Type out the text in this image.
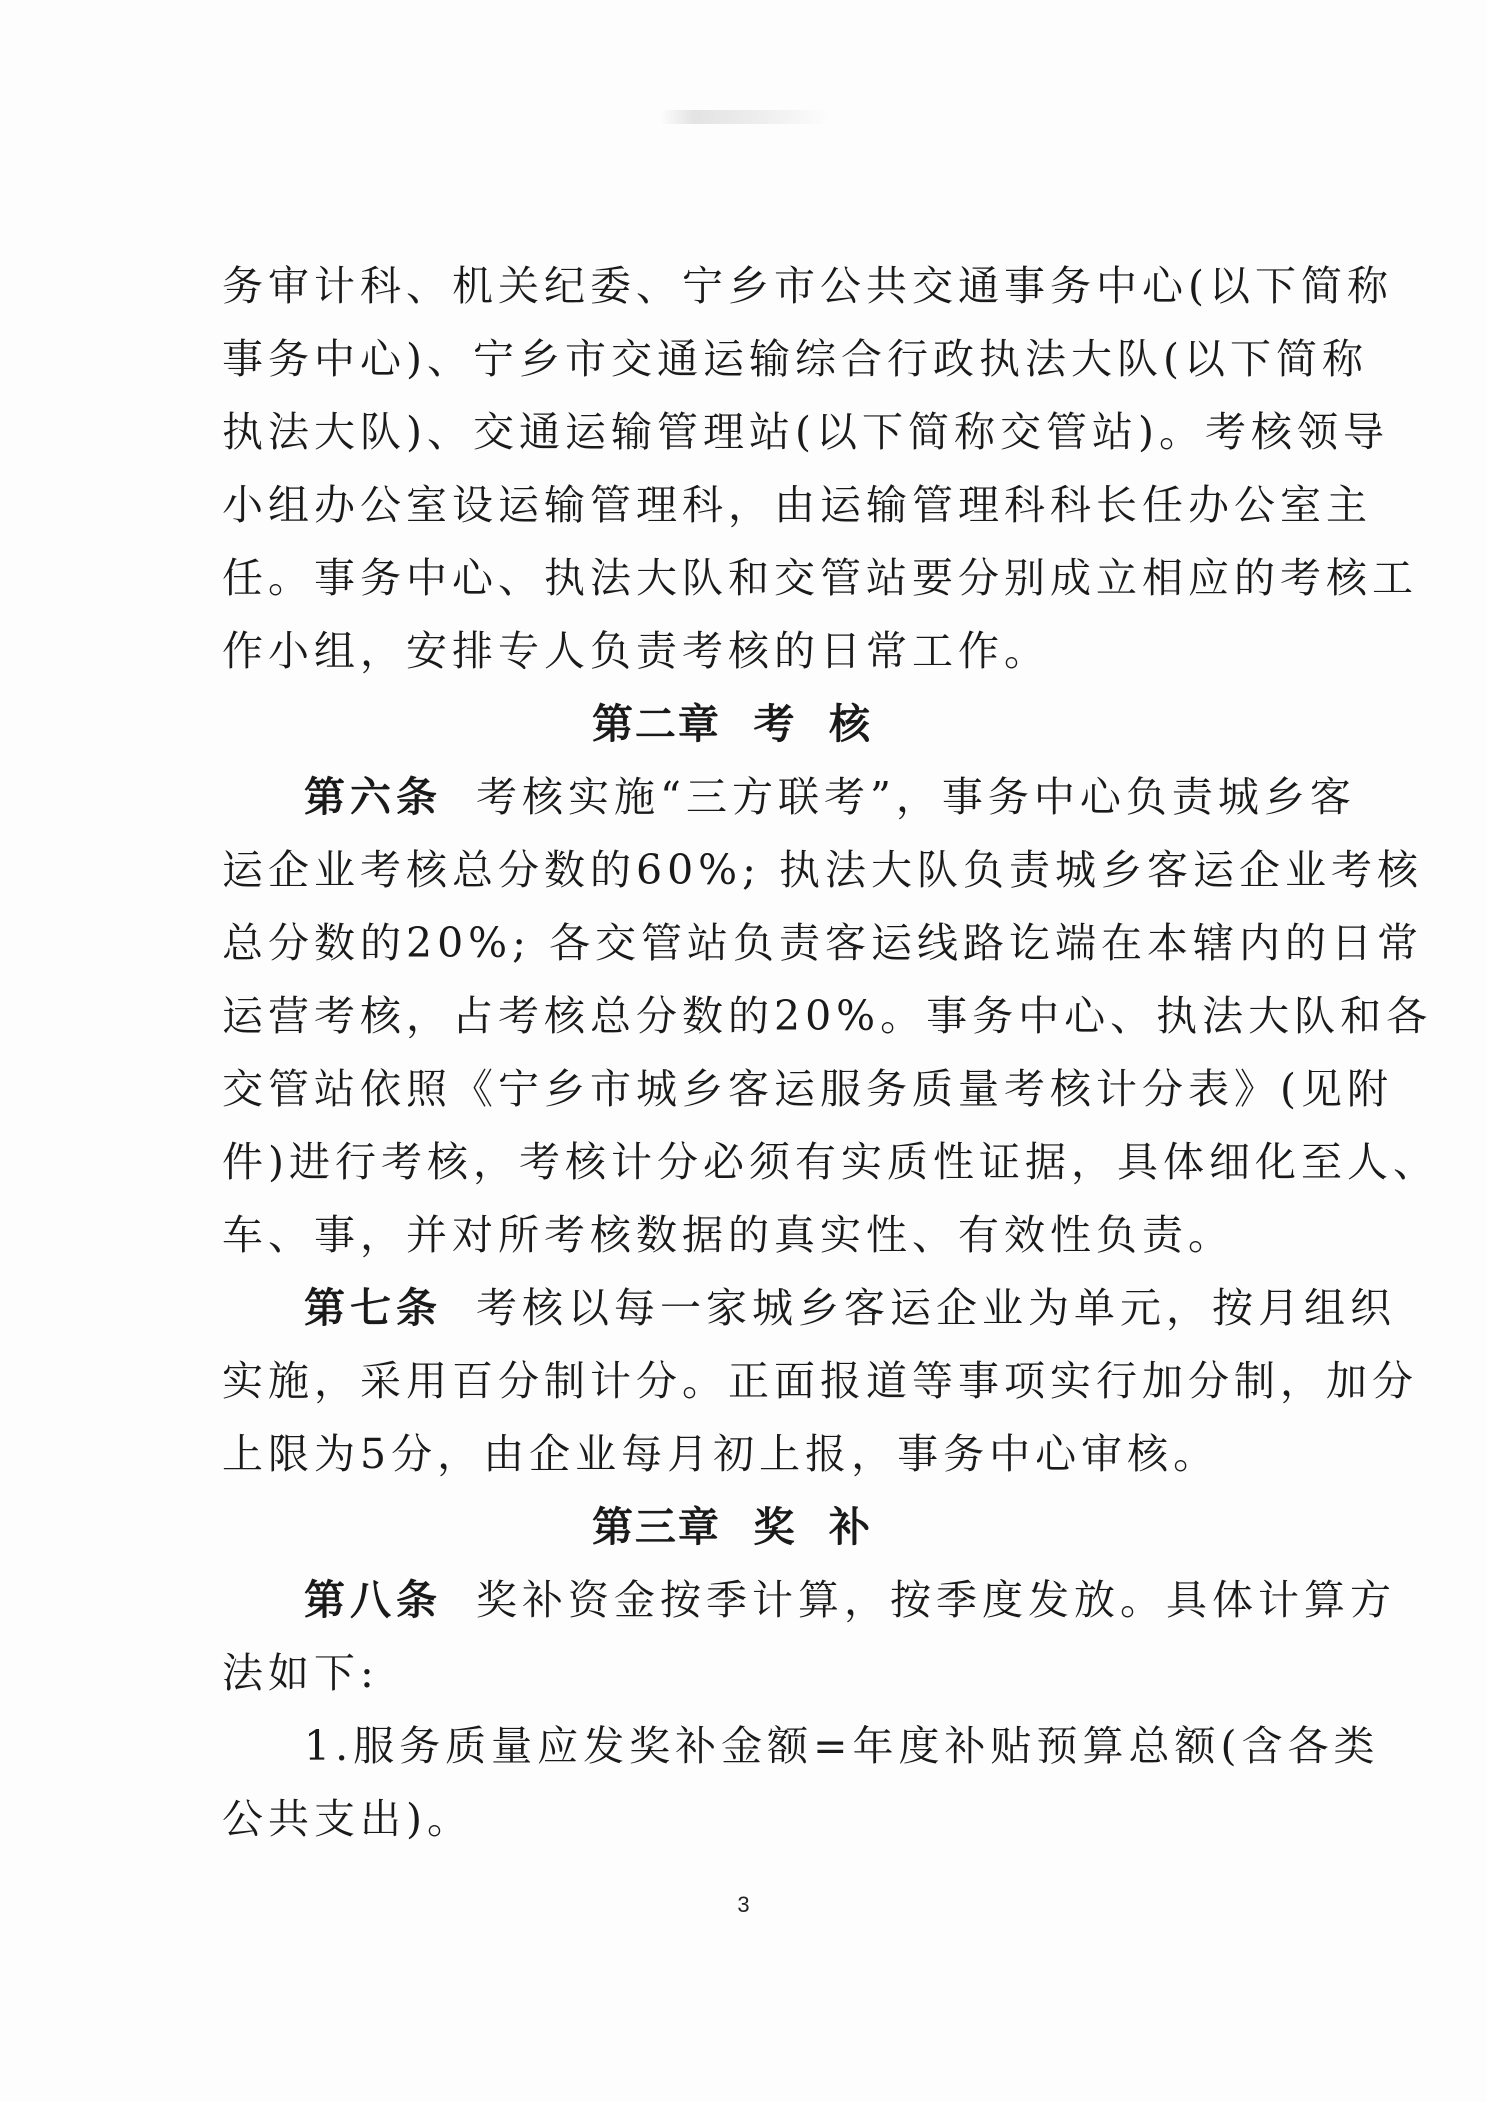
务审计科、机关纪委、宁乡市公共交通事务中心(以下简称
事务中心)、宁乡市交通运输综合行政执法大队(以下简称
执法大队)、交通运输管理站(以下简称交管站)。考核领导
小组办公室设运输管理科，由运输管理科科长任办公室主
任。事务中心、执法大队和交管站要分别成立相应的考核工
作小组，安排专人负责考核的日常工作。
第二章  考  核
第六条 考核实施“三方联考”，事务中心负责城乡客
运企业考核总分数的60%; 执法大队负责城乡客运企业考核
总分数的20%; 各交管站负责客运线路讫端在本辖内的日常
运营考核，占考核总分数的20%。事务中心、执法大队和各
交管站依照《宁乡市城乡客运服务质量考核计分表》(见附
件)进行考核，考核计分必须有实质性证据，具体细化至人、
车、事，并对所考核数据的真实性、有效性负责。
第七条 考核以每一家城乡客运企业为单元，按月组织
实施，采用百分制计分。正面报道等事项实行加分制，加分
上限为5分，由企业每月初上报，事务中心审核。
第三章  奖  补
第八条 奖补资金按季计算，按季度发放。具体计算方
法如下:
1.服务质量应发奖补金额=年度补贴预算总额(含各类
公共支出)。
3
